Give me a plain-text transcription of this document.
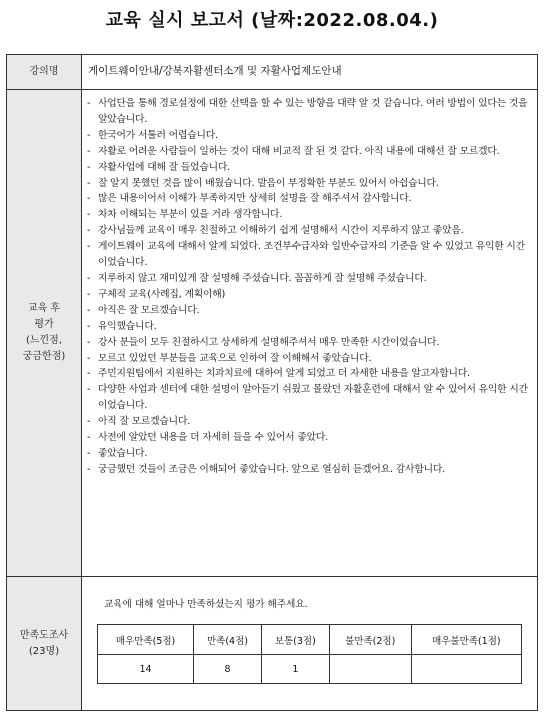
교육 실시 보고서 (날짜:2022.08.04.)
강의명	게이트웨이안내/강북자활센터소개 및 자활사업제도안내
교육 후
평가
(느낀점,
궁금한점)
- 사업단을 통해 경로설정에 대한 선택을 할 수 있는 방향을 대략 알 것 같습니다. 여러 방법이 있다는 것을 알았습니다.
- 한국어가 서툴러 어렵습니다.
- 자활로 어려운 사람들이 일하는 것이 대해 비교적 잘 된 것 같다. 아직 내용에 대해선 잘 모르겠다.
- 자활사업에 대해 잘 들었습니다.
- 잘 알지 못했던 것을 많이 배웠습니다. 발음이 부정확한 부분도 있어서 아쉽습니다.
- 많은 내용이어서 이해가 부족하지만 상세히 설명을 잘 해주셔서 감사합니다.
- 차차 이해되는 부분이 있을 거라 생각합니다.
- 강사님들께 교육이 매우 친절하고 이해하기 쉽게 설명해서 시간이 지루하지 않고 좋았음.
- 게이트웨이 교육에 대해서 알게 되었다. 조건부수급자와 일반수급자의 기준을 알 수 있었고 유익한 시간이었습니다.
- 지루하지 않고 재미있게 잘 설명해 주셨습니다. 꼼꼼하게 잘 설명해 주셨습니다.
- 구체적 교육(사례집, 계획이해)
- 아직은 잘 모르겠습니다.
- 유익했습니다.
- 강사 분들이 모두 친절하시고 상세하게 설명해주셔서 매우 만족한 시간이었습니다.
- 모르고 있었던 부분들을 교육으로 인하여 잘 이해해서 좋았습니다.
- 주민지원팀에서 지원하는 치과치료에 대하여 알게 되었고 더 자세한 내용을 알고자합니다.
- 다양한 사업과 센터에 대한 설명이 알아듣기 쉬웠고 몰랐던 자활훈련에 대해서 알 수 있어서 유익한 시간이었습니다.
- 아직 잘 모르겠습니다.
- 사전에 알았던 내용을 더 자세히 들을 수 있어서 좋았다.
- 좋았습니다.
- 궁금했던 것들이 조금은 이해되어 좋았습니다. 앞으로 열심히 듣겠어요. 감사합니다.
만족도조사
(23명)
교육에 대해 얼마나 만족하셨는지 평가 해주세요.
매우만족(5점)	만족(4점)	보통(3점)	불만족(2점)	매우불만족(1점)
14	8	1		
